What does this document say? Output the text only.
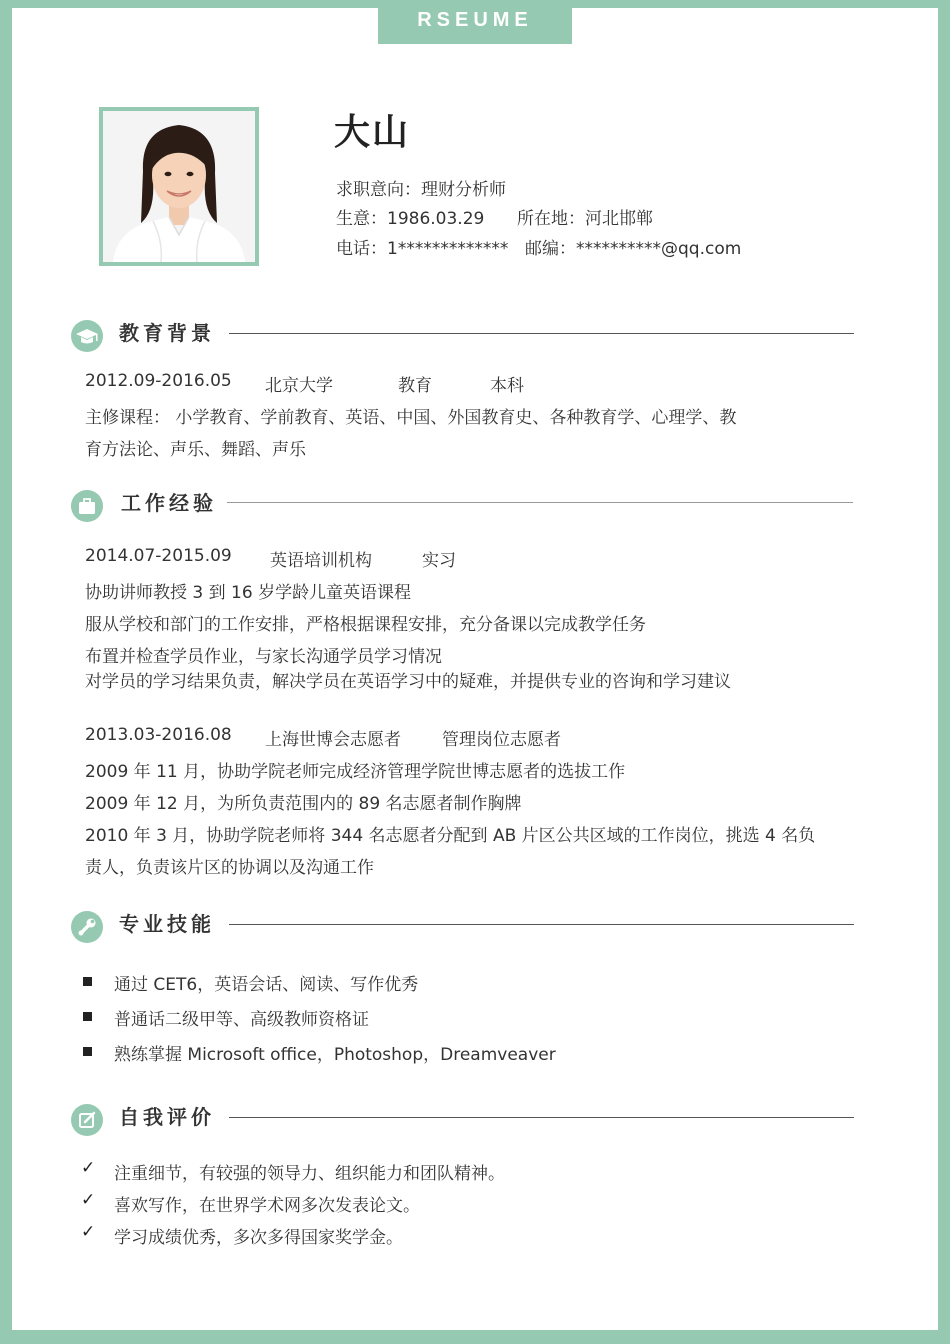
RSEUME
大山
求职意向：理财分析师
生意：1986.03.29 所在地：河北邯郸
电话：1************* 邮编：**********@qq.com
教育背景
2012.09-2016.05 北京大学	教育	本科
主修课程： 小学教育、学前教育、英语、中国、外国教育史、各种教育学、心理学、教
育方法论、声乐、舞蹈、声乐
工作经验
2014.07-2015.09 英语培训机构	实习
协助讲师教授 3 到 16 岁学龄儿童英语课程
服从学校和部门的工作安排，严格根据课程安排，充分备课以完成教学任务
布置并检查学员作业，与家长沟通学员学习情况
对学员的学习结果负责，解决学员在英语学习中的疑难，并提供专业的咨询和学习建议
2013.03-2016.08 上海世博会志愿者 管理岗位志愿者
2009 年 11 月，协助学院老师完成经济管理学院世博志愿者的选拔工作
2009 年 12 月，为所负责范围内的 89 名志愿者制作胸牌
2010 年 3 月，协助学院老师将 344 名志愿者分配到 AB 片区公共区域的工作岗位，挑选 4 名负
责人，负责该片区的协调以及沟通工作
专业技能
通过 CET6，英语会话、阅读、写作优秀
普通话二级甲等、高级教师资格证
熟练掌握 Microsoft office，Photoshop，Dreamveaver
自我评价
✓ 注重细节，有较强的领导力、组织能力和团队精神。
✓ 喜欢写作，在世界学术网多次发表论文。
✓ 学习成绩优秀，多次多得国家奖学金。
